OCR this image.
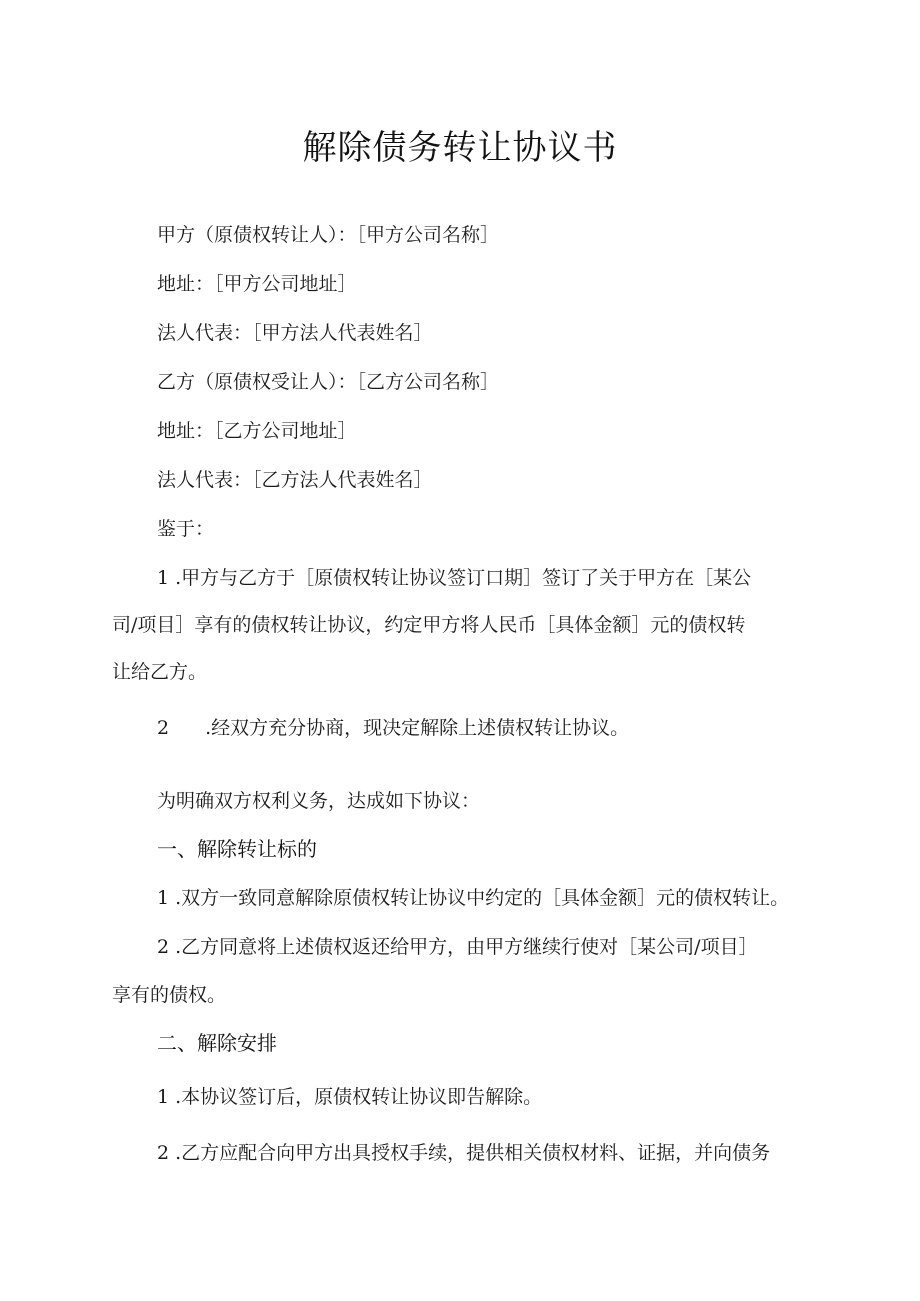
解除债务转让协议书
甲方（原债权转让人）：［甲方公司名称］
地址：［甲方公司地址］
法人代表：［甲方法人代表姓名］
乙方（原债权受让人）：［乙方公司名称］
地址：［乙方公司地址］
法人代表：［乙方法人代表姓名］
鉴于：
1 .甲方与乙方于［原债权转让协议签订口期］签订了关于甲方在［某公
司/项目］享有的债权转让协议，约定甲方将人民币［具体金额］元的债权转
让给乙方。
2 .经双方充分协商，现决定解除上述债权转让协议。
为明确双方权利义务，达成如下协议：
一、解除转让标的
1 .双方一致同意解除原债权转让协议中约定的［具体金额］元的债权转让。
2 .乙方同意将上述债权返还给甲方，由甲方继续行使对［某公司/项目］
享有的债权。
二、解除安排
1 .本协议签订后，原债权转让协议即告解除。
2 .乙方应配合向甲方出具授权手续，提供相关债权材料、证据，并向债务
